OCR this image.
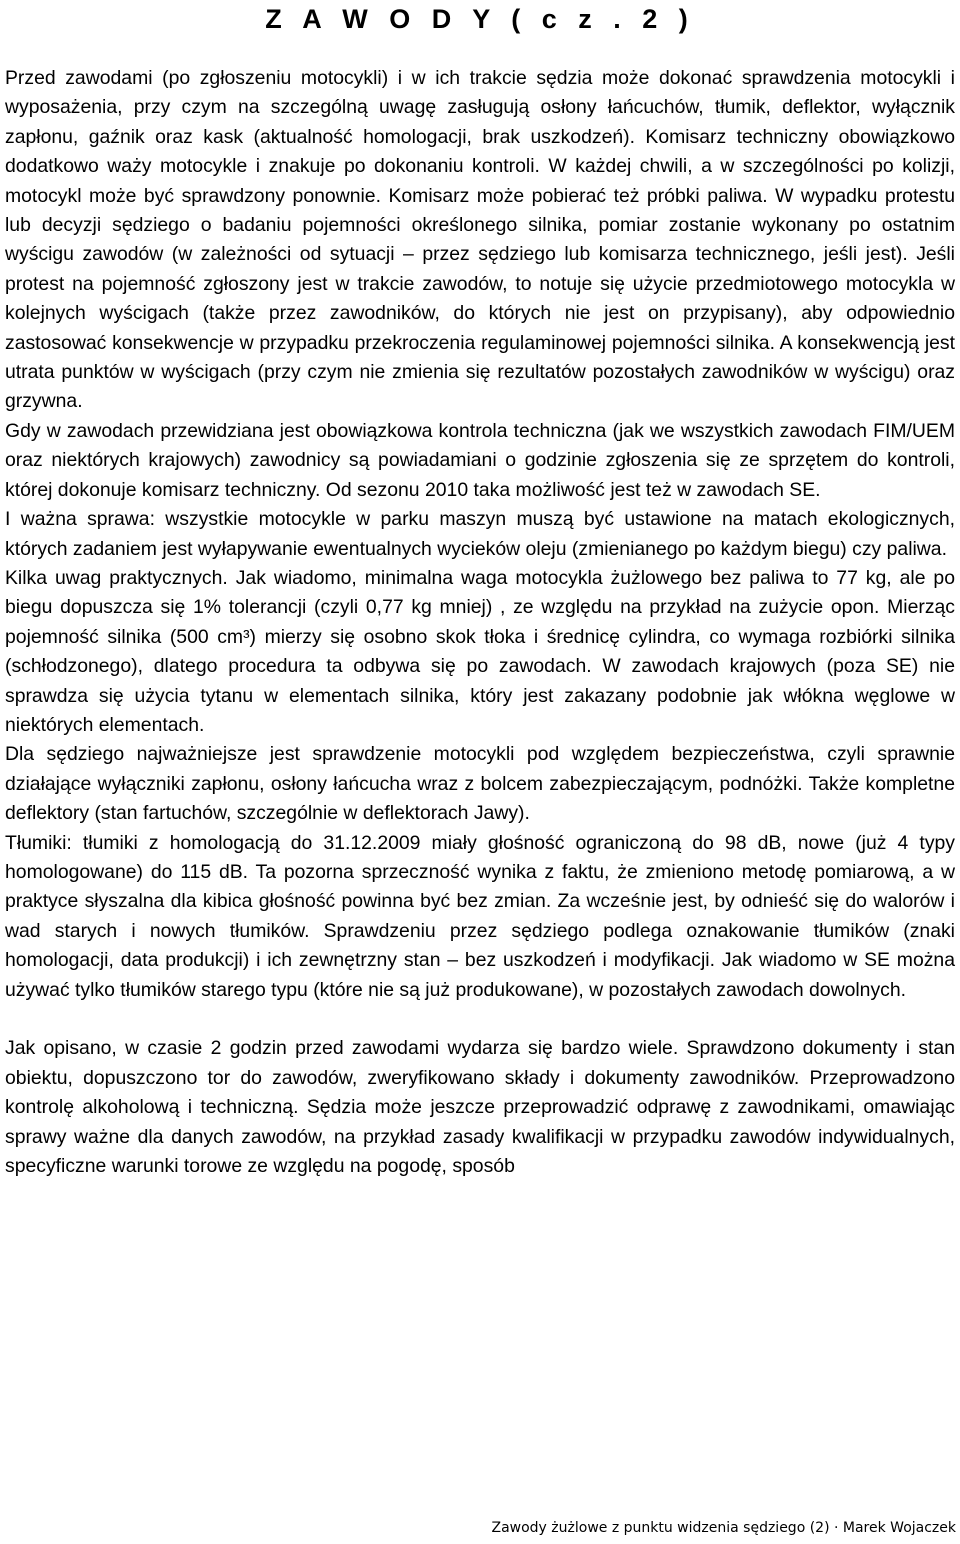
Z A W O D Y ( c z . 2 )

Przed zawodami (po zgłoszeniu motocykli) i w ich trakcie sędzia może dokonać sprawdzenia motocykli i wyposażenia, przy czym na szczególną uwagę zasługują osłony łańcuchów, tłumik, deflektor, wyłącznik zapłonu, gaźnik oraz kask (aktualność homologacji, brak uszkodzeń). Komisarz techniczny obowiązkowo dodatkowo waży motocykle i znakuje po dokonaniu kontroli. W każdej chwili, a w szczególności po kolizji, motocykl może być sprawdzony ponownie. Komisarz może pobierać też próbki paliwa. W wypadku protestu lub decyzji sędziego o badaniu pojemności określonego silnika, pomiar zostanie wykonany po ostatnim wyścigu zawodów (w zależności od sytuacji – przez sędziego lub komisarza technicznego, jeśli jest). Jeśli protest na pojemność zgłoszony jest w trakcie zawodów, to notuje się użycie przedmiotowego motocykla w kolejnych wyścigach (także przez zawodników, do których nie jest on przypisany), aby odpowiednio zastosować konsekwencje w przypadku przekroczenia regulaminowej pojemności silnika. A konsekwencją jest utrata punktów w wyścigach (przy czym nie zmienia się rezultatów pozostałych zawodników w wyścigu) oraz grzywna.

Gdy w zawodach przewidziana jest obowiązkowa kontrola techniczna (jak we wszystkich zawodach FIM/UEM oraz niektórych krajowych) zawodnicy są powiadamiani o godzinie zgłoszenia się ze sprzętem do kontroli, której dokonuje komisarz techniczny. Od sezonu 2010 taka możliwość jest też w zawodach SE.

I ważna sprawa: wszystkie motocykle w parku maszyn muszą być ustawione na matach ekologicznych, których zadaniem jest wyłapywanie ewentualnych wycieków oleju (zmienianego po każdym biegu) czy paliwa.

Kilka uwag praktycznych. Jak wiadomo, minimalna waga motocykla żużlowego bez paliwa to 77 kg, ale po biegu dopuszcza się 1% tolerancji (czyli 0,77 kg mniej) , ze względu na przykład na zużycie opon. Mierząc pojemność silnika (500 cm³) mierzy się osobno skok tłoka i średnicę cylindra, co wymaga rozbiórki silnika (schłodzonego), dlatego procedura ta odbywa się po zawodach. W zawodach krajowych (poza SE) nie sprawdza się użycia tytanu w elementach silnika, który jest zakazany podobnie jak włókna węglowe w niektórych elementach.

Dla sędziego najważniejsze jest sprawdzenie motocykli pod względem bezpieczeństwa, czyli sprawnie działające wyłączniki zapłonu, osłony łańcucha wraz z bolcem zabezpieczającym, podnóżki. Także kompletne deflektory (stan fartuchów, szczególnie w deflektorach Jawy).

Tłumiki: tłumiki z homologacją do 31.12.2009 miały głośność ograniczoną do 98 dB, nowe (już 4 typy homologowane) do 115 dB. Ta pozorna sprzeczność wynika z faktu, że zmieniono metodę pomiarową, a w praktyce słyszalna dla kibica głośność powinna być bez zmian. Za wcześnie jest, by odnieść się do walorów i wad starych i nowych tłumików. Sprawdzeniu przez sędziego podlega oznakowanie tłumików (znaki homologacji, data produkcji) i ich zewnętrzny stan – bez uszkodzeń i modyfikacji. Jak wiadomo w SE można używać tylko tłumików starego typu (które nie są już produkowane), w pozostałych zawodach dowolnych.

Jak opisano, w czasie 2 godzin przed zawodami wydarza się bardzo wiele. Sprawdzono dokumenty i stan obiektu, dopuszczono tor do zawodów, zweryfikowano składy i dokumenty zawodników. Przeprowadzono kontrolę alkoholową i techniczną. Sędzia może jeszcze przeprowadzić odprawę z zawodnikami, omawiając sprawy ważne dla danych zawodów, na przykład zasady kwalifikacji w przypadku zawodów indywidualnych, specyficzne warunki torowe ze względu na pogodę, sposób

Zawody żużlowe z punktu widzenia sędziego (2) · Marek Wojaczek
